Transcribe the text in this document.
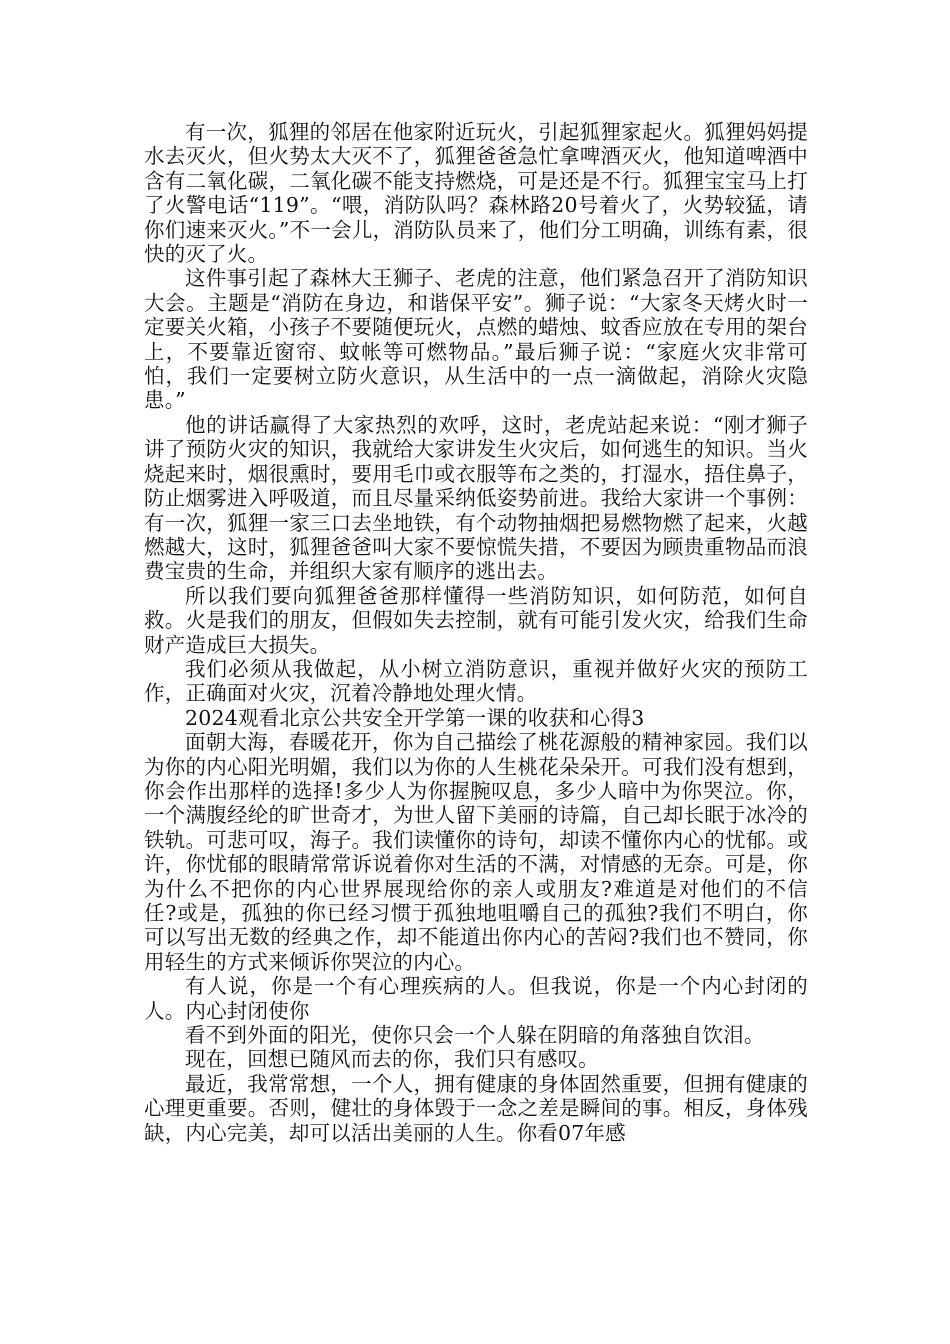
有一次，狐狸的邻居在他家附近玩火，引起狐狸家起火。狐狸妈妈提水去灭火，但火势太大灭不了，狐狸爸爸急忙拿啤酒灭火，他知道啤酒中含有二氧化碳，二氧化碳不能支持燃烧，可是还是不行。狐狸宝宝马上打了火警电话“119”。“喂，消防队吗？森林路20号着火了，火势较猛，请你们速来灭火。”不一会儿，消防队员来了，他们分工明确，训练有素，很快的灭了火。

这件事引起了森林大王狮子、老虎的注意，他们紧急召开了消防知识大会。主题是“消防在身边，和谐保平安”。狮子说：“大家冬天烤火时一定要关火箱，小孩子不要随便玩火，点燃的蜡烛、蚊香应放在专用的架台上，不要靠近窗帘、蚊帐等可燃物品。”最后狮子说：“家庭火灾非常可怕，我们一定要树立防火意识，从生活中的一点一滴做起，消除火灾隐患。”

他的讲话赢得了大家热烈的欢呼，这时，老虎站起来说：“刚才狮子讲了预防火灾的知识，我就给大家讲发生火灾后，如何逃生的知识。当火烧起来时，烟很熏时，要用毛巾或衣服等布之类的，打湿水，捂住鼻子，防止烟雾进入呼吸道，而且尽量采纳低姿势前进。我给大家讲一个事例：有一次，狐狸一家三口去坐地铁，有个动物抽烟把易燃物燃了起来，火越燃越大，这时，狐狸爸爸叫大家不要惊慌失措，不要因为顾贵重物品而浪费宝贵的生命，并组织大家有顺序的逃出去。

所以我们要向狐狸爸爸那样懂得一些消防知识，如何防范，如何自救。火是我们的朋友，但假如失去控制，就有可能引发火灾，给我们生命财产造成巨大损失。

我们必须从我做起，从小树立消防意识，重视并做好火灾的预防工作，正确面对火灾，沉着冷静地处理火情。

2024观看北京公共安全开学第一课的收获和心得3

面朝大海，春暖花开，你为自己描绘了桃花源般的精神家园。我们以为你的内心阳光明媚，我们以为你的人生桃花朵朵开。可我们没有想到，你会作出那样的选择!多少人为你握腕叹息，多少人暗中为你哭泣。你，一个满腹经纶的旷世奇才，为世人留下美丽的诗篇，自己却长眠于冰冷的铁轨。可悲可叹，海子。我们读懂你的诗句，却读不懂你内心的忧郁。或许，你忧郁的眼睛常常诉说着你对生活的不满，对情感的无奈。可是，你为什么不把你的内心世界展现给你的亲人或朋友?难道是对他们的不信任?或是，孤独的你已经习惯于孤独地咀嚼自己的孤独?我们不明白，你可以写出无数的经典之作，却不能道出你内心的苦闷?我们也不赞同，你用轻生的方式来倾诉你哭泣的内心。

有人说，你是一个有心理疾病的人。但我说，你是一个内心封闭的人。内心封闭使你

看不到外面的阳光，使你只会一个人躲在阴暗的角落独自饮泪。

现在，回想已随风而去的你，我们只有感叹。

最近，我常常想，一个人，拥有健康的身体固然重要，但拥有健康的心理更重要。否则，健壮的身体毁于一念之差是瞬间的事。相反，身体残缺，内心完美，却可以活出美丽的人生。你看07年感
